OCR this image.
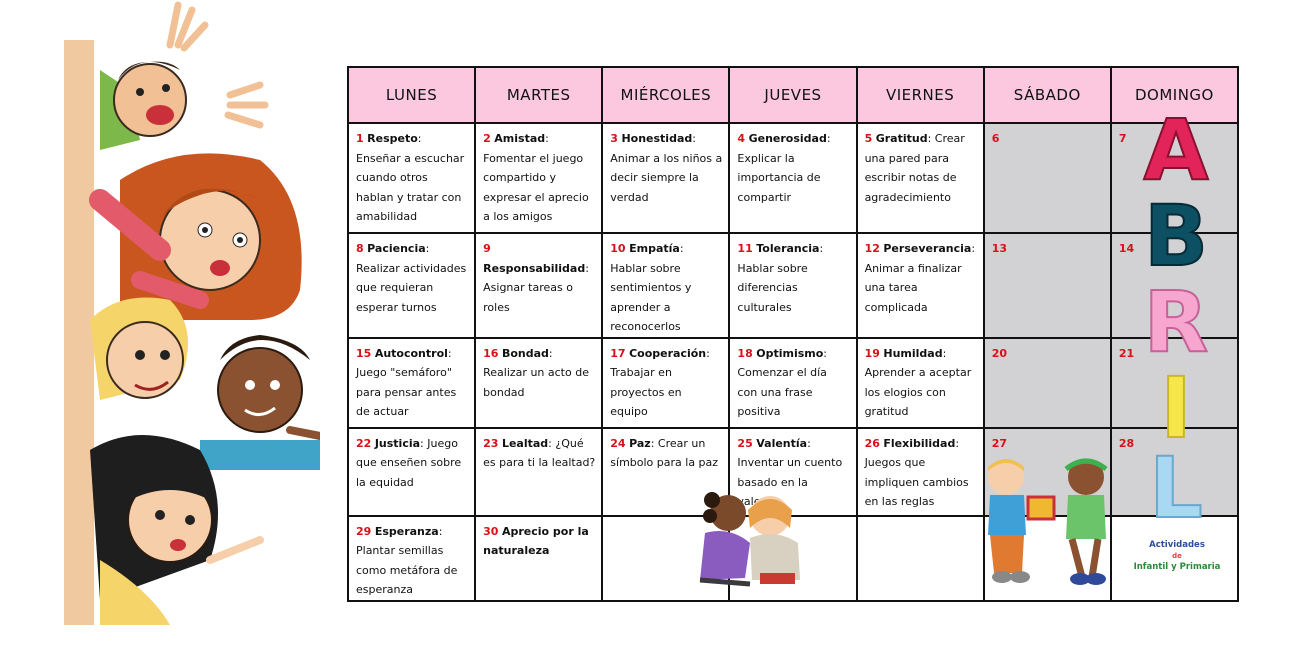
LUNES	MARTES	MIÉRCOLES	JUEVES	VIERNES	SÁBADO	DOMINGO
1 Respeto: Enseñar a escuchar cuando otros hablan y tratar con amabilidad	2 Amistad: Fomentar el juego compartido y expresar el aprecio a los amigos	3 Honestidad: Animar a los niños a decir siempre la verdad	4 Generosidad: Explicar la importancia de compartir	5 Gratitud: Crear una pared para escribir notas de agradecimiento	6	7
8 Paciencia: Realizar actividades que requieran esperar turnos	9 Responsabilidad: Asignar tareas o roles	10 Empatía: Hablar sobre sentimientos y aprender a reconocerlos	11 Tolerancia: Hablar sobre diferencias culturales	12 Perseverancia: Animar a finalizar una tarea complicada	13	14
15 Autocontrol: Juego "semáforo" para pensar antes de actuar	16 Bondad: Realizar un acto de bondad	17 Cooperación: Trabajar en proyectos en equipo	18 Optimismo: Comenzar el día con una frase positiva	19 Humildad: Aprender a aceptar los elogios con gratitud	20	21
22 Justicia: Juego que enseñen sobre la equidad	23 Lealtad: ¿Qué es para ti la lealtad?	24 Paz: Crear un símbolo para la paz	25 Valentía: Inventar un cuento basado en la	26 Flexibilidad: Juegos que impliquen cambios en las reglas	27	28
29 Esperanza: Plantar semillas como metáfora de esperanza	30 Aprecio por la naturaleza					
A
B
R
I
L
Actividades
de
Infantil y Primaria
